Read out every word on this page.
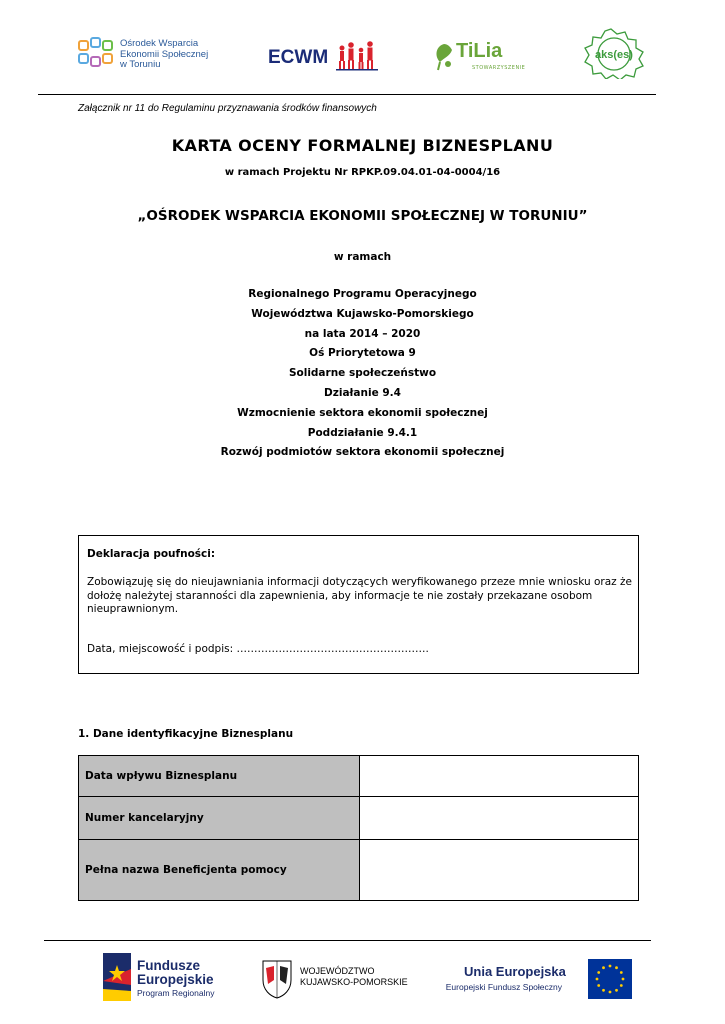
Ośrodek Wsparcia
Ekonomii Społecznej
w Toruniu	ECWM	TiLia
STOWARZYSZENIE
aks(es)
Załącznik nr 11 do Regulaminu przyznawania środków finansowych
KARTA OCENY FORMALNEJ BIZNESPLANU
w ramach Projektu Nr RPKP.09.04.01-04-0004/16
„OŚRODEK WSPARCIA EKONOMII SPOŁECZNEJ W TORUNIU”
w ramach
Regionalnego Programu Operacyjnego
Województwa Kujawsko-Pomorskiego
na lata 2014 – 2020
Oś Priorytetowa 9
Solidarne społeczeństwo
Działanie 9.4
Wzmocnienie sektora ekonomii społecznej
Poddziałanie 9.4.1
Rozwój podmiotów sektora ekonomii społecznej
Deklaracja poufności:
Zobowiązuję się do nieujawniania informacji dotyczących weryfikowanego przeze mnie wniosku oraz że dołożę należytej staranności dla zapewnienia, aby informacje te nie zostały przekazane osobom nieuprawnionym.
Data, miejscowość i podpis: ……………………………………………….
1. Dane identyfikacyjne Biznesplanu
Data wpływu Biznesplanu	
Numer kancelaryjny	
Pełna nazwa Beneficjenta pomocy	
Fundusze
Europejskie
Program Regionalny
WOJEWÓDZTWO
KUJAWSKO-POMORSKIE
Unia Europejska
Europejski Fundusz Społeczny
